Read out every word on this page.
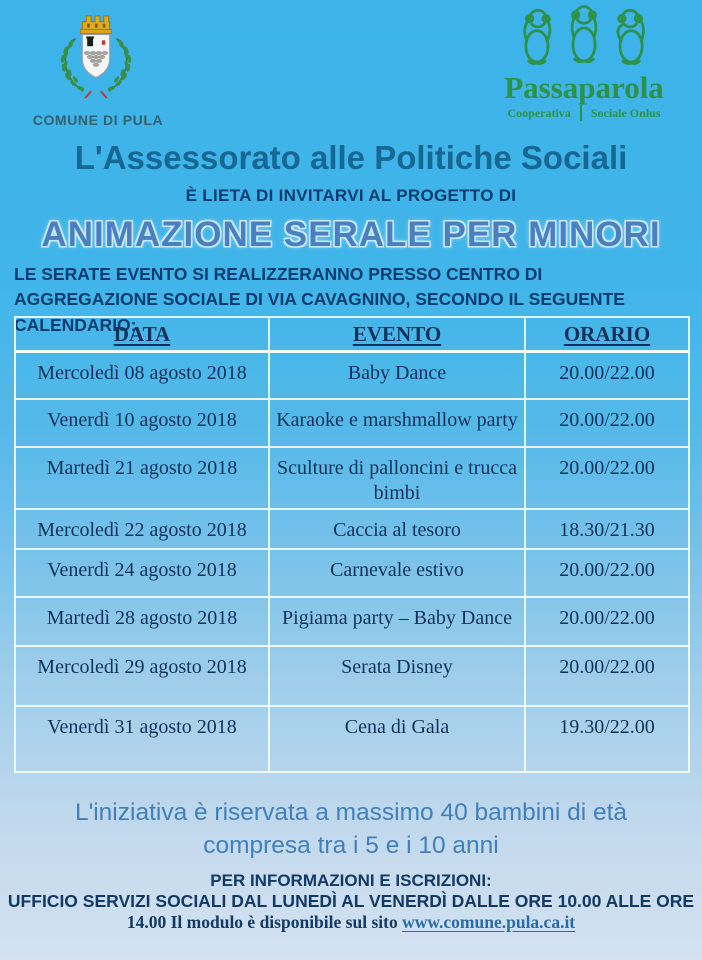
COMUNE DI PULA
Passaparola
Cooperativa Sociale Onlus
L'Assessorato alle Politiche Sociali
È LIETA DI INVITARVI AL PROGETTO DI
ANIMAZIONE SERALE PER MINORI
LE SERATE EVENTO SI REALIZZERANNO PRESSO CENTRO DI AGGREGAZIONE SOCIALE DI VIA CAVAGNINO, SECONDO IL SEGUENTE CALENDARIO:
DATA	EVENTO	ORARIO
Mercoledì 08 agosto 2018	Baby Dance	20.00/22.00
Venerdì 10 agosto 2018	Karaoke e marshmallow party	20.00/22.00
Martedì 21 agosto 2018	Sculture di palloncini e trucca bimbi	20.00/22.00
Mercoledì 22 agosto 2018	Caccia al tesoro	18.30/21.30
Venerdì 24 agosto 2018	Carnevale estivo	20.00/22.00
Martedì 28 agosto 2018	Pigiama party – Baby Dance	20.00/22.00
Mercoledì 29 agosto 2018	Serata Disney	20.00/22.00
Venerdì 31 agosto 2018	Cena di Gala	19.30/22.00
L'iniziativa è riservata a massimo 40 bambini di età compresa tra i 5 e i 10 anni
PER INFORMAZIONI E ISCRIZIONI:
UFFICIO SERVIZI SOCIALI DAL LUNEDÌ AL VENERDÌ DALLE ORE 10.00 ALLE ORE
14.00 Il modulo è disponibile sul sito www.comune.pula.ca.it
